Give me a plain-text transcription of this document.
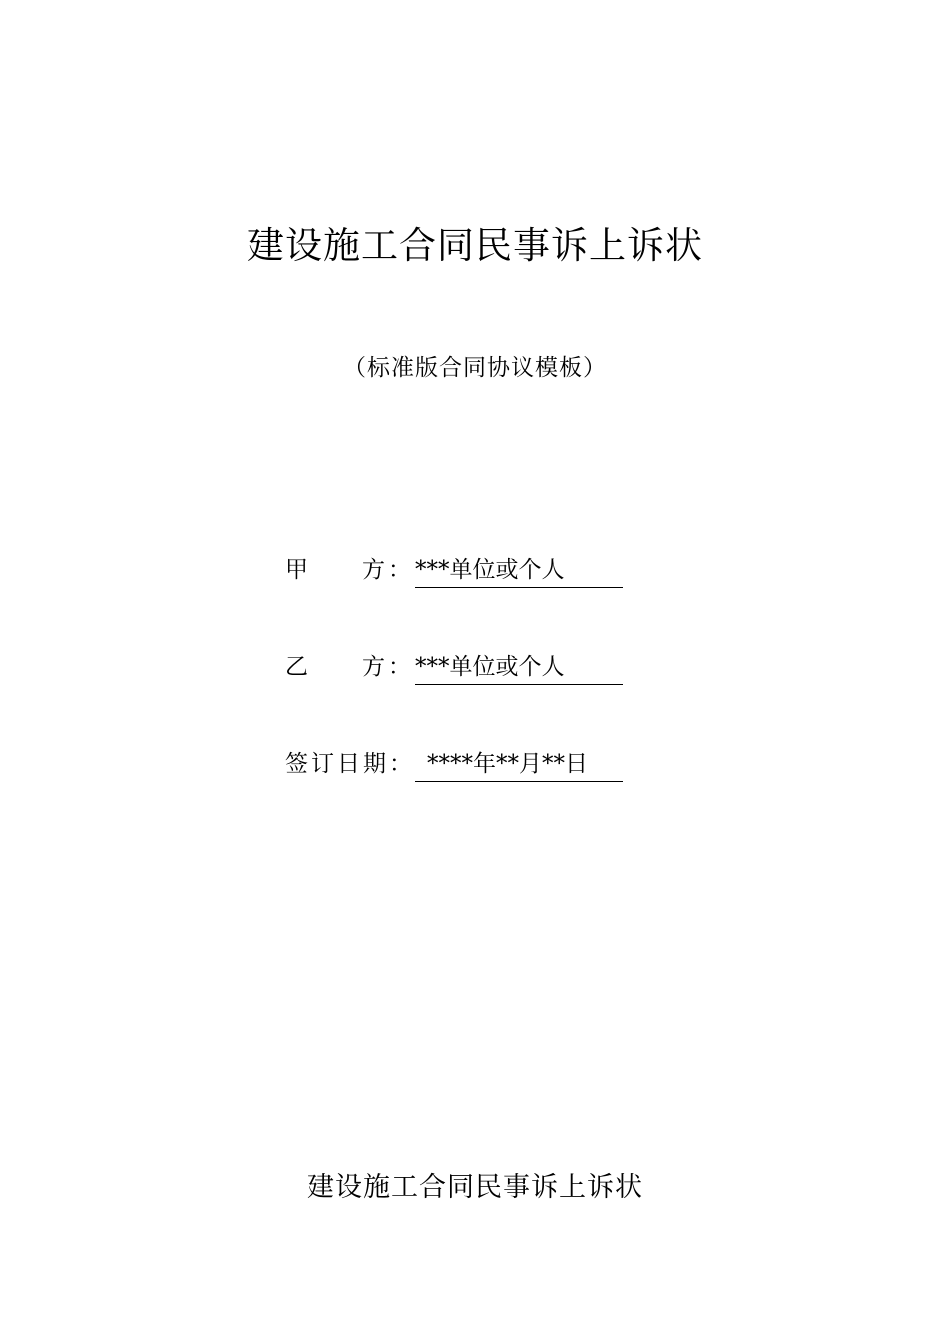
建设施工合同民事诉上诉状
（标准版合同协议模板）
甲 方 ： ***单位或个人
乙 方 ： ***单位或个人
签订日期： ****年**月**日
建设施工合同民事诉上诉状
